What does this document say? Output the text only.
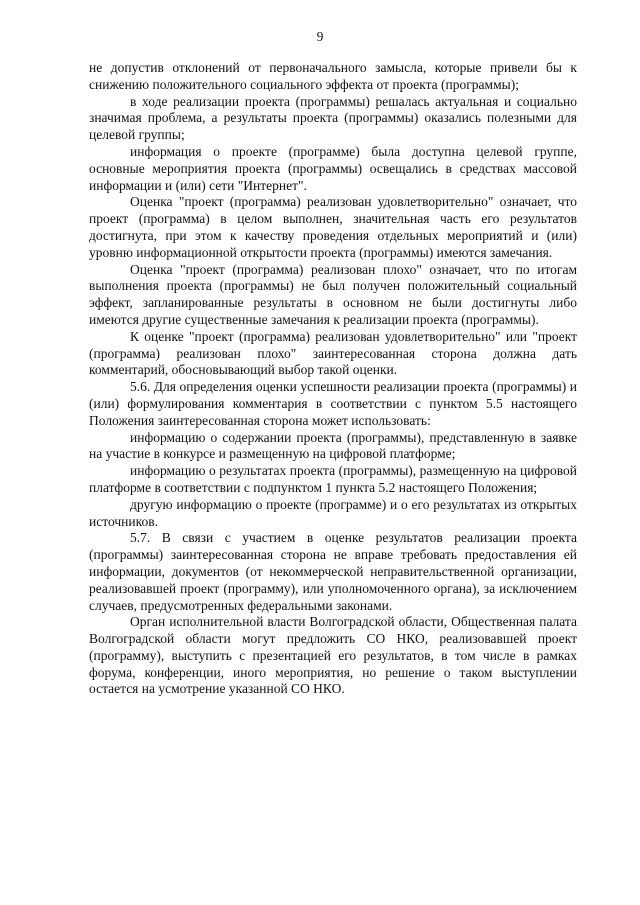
9

не допустив отклонений от первоначального замысла, которые привели бы к снижению положительного социального эффекта от проекта (программы);

в ходе реализации проекта (программы) решалась актуальная и социально значимая проблема, а результаты проекта (программы) оказались полезными для целевой группы;

информация о проекте (программе) была доступна целевой группе, основные мероприятия проекта (программы) освещались в средствах массовой информации и (или) сети "Интернет".

Оценка "проект (программа) реализован удовлетворительно" означает, что проект (программа) в целом выполнен, значительная часть его результатов достигнута, при этом к качеству проведения отдельных мероприятий и (или) уровню информационной открытости проекта (программы) имеются замечания.

Оценка "проект (программа) реализован плохо" означает, что по итогам выполнения проекта (программы) не был получен положительный социальный эффект, запланированные результаты в основном не были достигнуты либо имеются другие существенные замечания к реализации проекта (программы).

К оценке "проект (программа) реализован удовлетворительно" или "проект (программа) реализован плохо" заинтересованная сторона должна дать комментарий, обосновывающий выбор такой оценки.

5.6. Для определения оценки успешности реализации проекта (программы) и (или) формулирования комментария в соответствии с пунктом 5.5 настоящего Положения заинтересованная сторона может использовать:

информацию о содержании проекта (программы), представленную в заявке на участие в конкурсе и размещенную на цифровой платформе;

информацию о результатах проекта (программы), размещенную на цифровой платформе в соответствии с подпунктом 1 пункта 5.2 настоящего Положения;

другую информацию о проекте (программе) и о его результатах из открытых источников.

5.7. В связи с участием в оценке результатов реализации проекта (программы) заинтересованная сторона не вправе требовать предоставления ей информации, документов (от некоммерческой неправительственной организации, реализовавшей проект (программу), или уполномоченного органа), за исключением случаев, предусмотренных федеральными законами.

Орган исполнительной власти Волгоградской области, Общественная палата Волгоградской области могут предложить СО НКО, реализовавшей проект (программу), выступить с презентацией его результатов, в том числе в рамках форума, конференции, иного мероприятия, но решение о таком выступлении остается на усмотрение указанной СО НКО.
